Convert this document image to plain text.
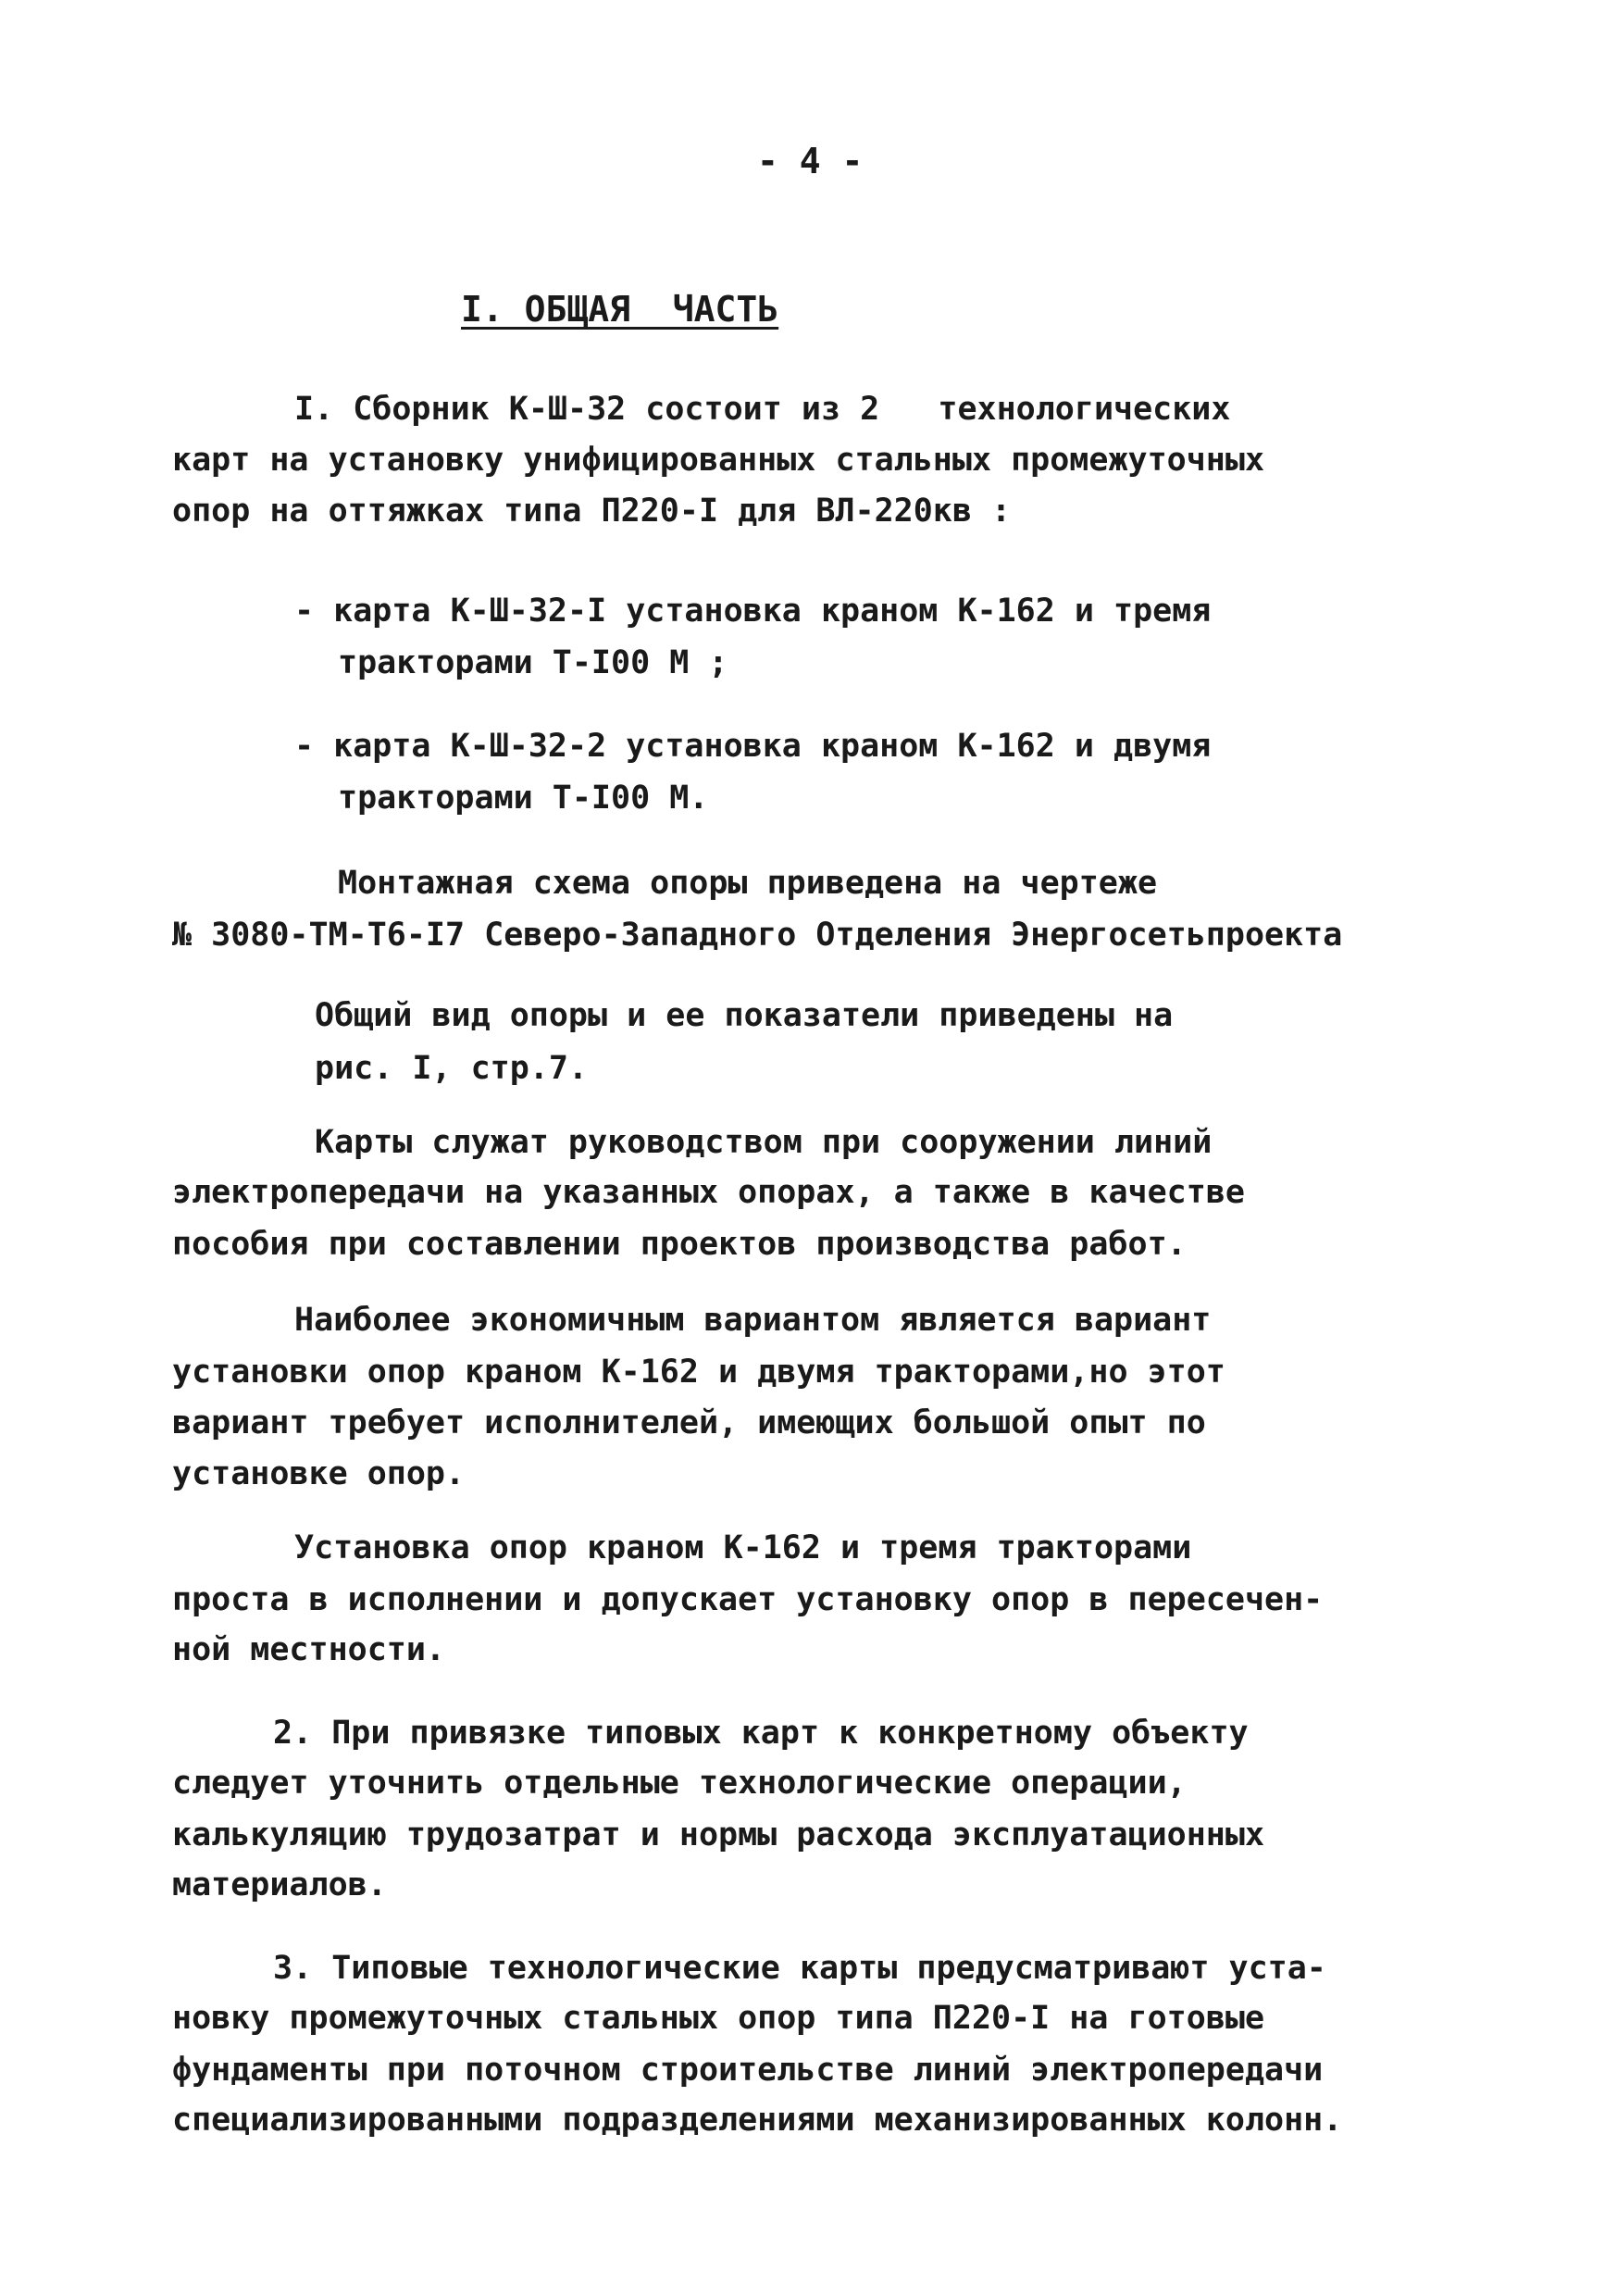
- 4 -
I. ОБЩАЯ  ЧАСТЬ
I. Сборник К-Ш-32 состоит из 2   технологических
карт на установку унифицированных стальных промежуточных
опор на оттяжках типа П220-I для ВЛ-220кв :
- карта К-Ш-32-I установка краном К-162 и тремя
тракторами Т-I00 М ;
- карта К-Ш-32-2 установка краном К-162 и двумя
тракторами Т-I00 М.
Монтажная схема опоры приведена на чертеже
№ 3080-ТМ-Т6-I7 Северо-Западного Отделения Энергосетьпроекта
Общий вид опоры и ее показатели приведены на
рис. I, стр.7.
Карты служат руководством при сооружении линий
электропередачи на указанных опорах, а также в качестве
пособия при составлении проектов производства работ.
Наиболее экономичным вариантом является вариант
установки опор краном К-162 и двумя тракторами,но этот
вариант требует исполнителей, имеющих большой опыт по
установке опор.
Установка опор краном К-162 и тремя тракторами
проста в исполнении и допускает установку опор в пересечен-
ной местности.
2. При привязке типовых карт к конкретному объекту
следует уточнить отдельные технологические операции,
калькуляцию трудозатрат и нормы расхода эксплуатационных
материалов.
3. Типовые технологические карты предусматривают уста-
новку промежуточных стальных опор типа П220-I на готовые
фундаменты при поточном строительстве линий электропередачи
специализированными подразделениями механизированных колонн.
